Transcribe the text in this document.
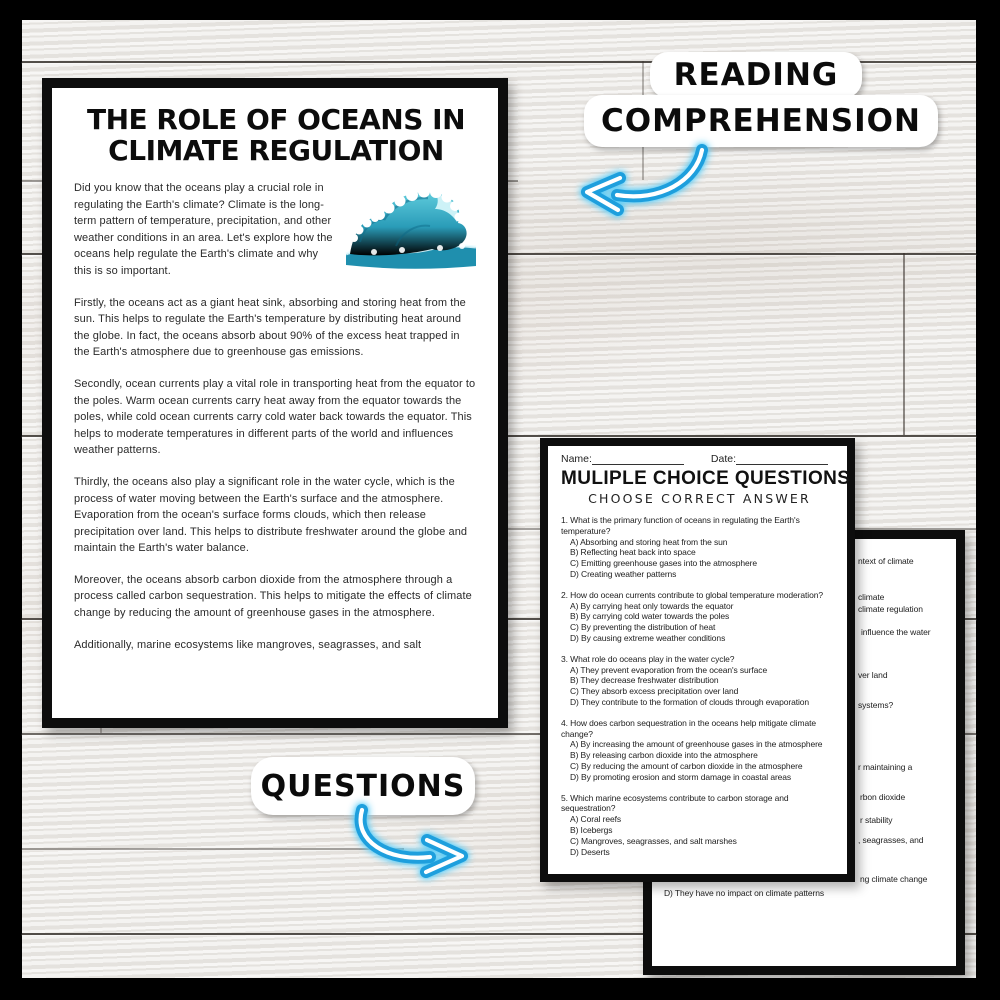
ntext of climate
climate
climate regulation
influence the water
ver land
systems?
r maintaining a
rbon dioxide
r stability
, seagrasses, and
ng climate change
D) They have no impact on climate patterns
THE ROLE OF OCEANS IN
CLIMATE REGULATION

Did you know that the oceans play a crucial role in regulating the Earth's climate? Climate is the long-term pattern of temperature, precipitation, and other weather conditions in an area. Let's explore how the oceans help regulate the Earth's climate and why this is so important.

Firstly, the oceans act as a giant heat sink, absorbing and storing heat from the sun. This helps to regulate the Earth's temperature by distributing heat around the globe. In fact, the oceans absorb about 90% of the excess heat trapped in the Earth's atmosphere due to greenhouse gas emissions.

Secondly, ocean currents play a vital role in transporting heat from the equator to the poles. Warm ocean currents carry heat away from the equator towards the poles, while cold ocean currents carry cold water back towards the equator. This helps to moderate temperatures in different parts of the world and influences weather patterns.

Thirdly, the oceans also play a significant role in the water cycle, which is the process of water moving between the Earth's surface and the atmosphere. Evaporation from the ocean's surface forms clouds, which then release precipitation over land. This helps to distribute freshwater around the globe and maintain the Earth's water balance.

Moreover, the oceans absorb carbon dioxide from the atmosphere through a process called carbon sequestration. This helps to mitigate the effects of climate change by reducing the amount of greenhouse gases in the atmosphere.

Additionally, marine ecosystems like mangroves, seagrasses, and salt

Name:	Date:
MULIPLE CHOICE QUESTIONS
CHOOSE CORRECT ANSWER
1. What is the primary function of oceans in regulating the Earth's temperature?
A) Absorbing and storing heat from the sun
B) Reflecting heat back into space
C) Emitting greenhouse gases into the atmosphere
D) Creating weather patterns
2. How do ocean currents contribute to global temperature moderation?
A) By carrying heat only towards the equator
B) By carrying cold water towards the poles
C) By preventing the distribution of heat
D) By causing extreme weather conditions
3. What role do oceans play in the water cycle?
A) They prevent evaporation from the ocean's surface
B) They decrease freshwater distribution
C) They absorb excess precipitation over land
D) They contribute to the formation of clouds through evaporation
4. How does carbon sequestration in the oceans help mitigate climate change?
A) By increasing the amount of greenhouse gases in the atmosphere
B) By releasing carbon dioxide into the atmosphere
C) By reducing the amount of carbon dioxide in the atmosphere
D) By promoting erosion and storm damage in coastal areas
5. Which marine ecosystems contribute to carbon storage and sequestration?
A) Coral reefs
B) Icebergs
C) Mangroves, seagrasses, and salt marshes
D) Deserts
READING
COMPREHENSION
QUESTIONS
